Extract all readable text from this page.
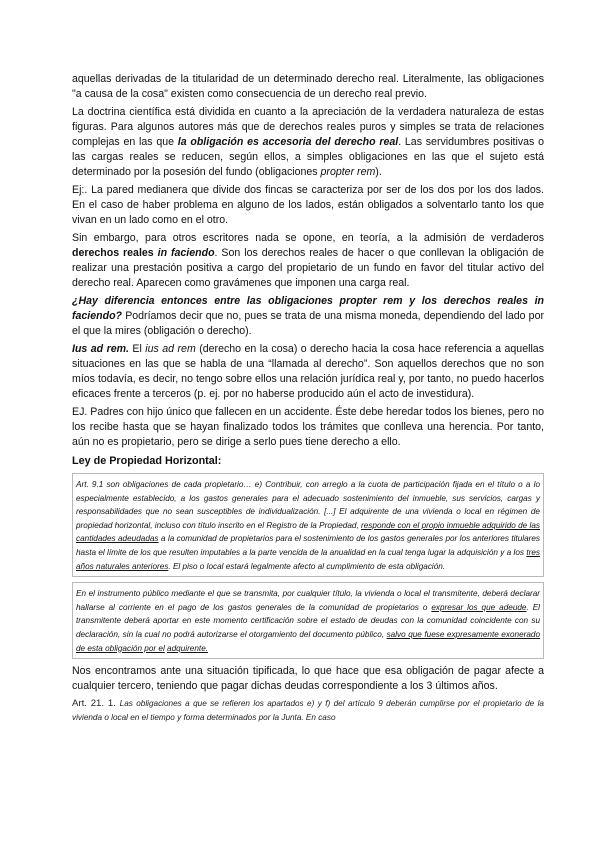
aquellas derivadas de la titularidad de un determinado derecho real. Literalmente, las obligaciones "a causa de la cosa" existen como consecuencia de un derecho real previo.

La doctrina científica está dividida en cuanto a la apreciación de la verdadera naturaleza de estas figuras. Para algunos autores más que de derechos reales puros y simples se trata de relaciones complejas en las que la obligación es accesoria del derecho real. Las servidumbres positivas o las cargas reales se reducen, según ellos, a simples obligaciones en las que el sujeto está determinado por la posesión del fundo (obligaciones propter rem).

Ej:. La pared medianera que divide dos fincas se caracteriza por ser de los dos por los dos lados. En el caso de haber problema en alguno de los lados, están obligados a solventarlo tanto los que vivan en un lado como en el otro.

Sin embargo, para otros escritores nada se opone, en teoría, a la admisión de verdaderos derechos reales in faciendo. Son los derechos reales de hacer o que conllevan la obligación de realizar una prestación positiva a cargo del propietario de un fundo en favor del titular activo del derecho real. Aparecen como gravámenes que imponen una carga real.

¿Hay diferencia entonces entre las obligaciones propter rem y los derechos reales in faciendo? Podríamos decir que no, pues se trata de una misma moneda, dependiendo del lado por el que la mires (obligación o derecho).

Ius ad rem. El ius ad rem (derecho en la cosa) o derecho hacia la cosa hace referencia a aquellas situaciones en las que se habla de una “llamada al derecho”. Son aquellos derechos que no son míos todavía, es decir, no tengo sobre ellos una relación jurídica real y, por tanto, no puedo hacerlos eficaces frente a terceros (p. ej. por no haberse producido aún el acto de investidura).

EJ. Padres con hijo único que fallecen en un accidente. Éste debe heredar todos los bienes, pero no los recibe hasta que se hayan finalizado todos los trámites que conlleva una herencia. Por tanto, aún no es propietario, pero se dirige a serlo pues tiene derecho a ello.

Ley de Propiedad Horizontal:

Art. 9.1 son obligaciones de cada propietario… e) Contribuir, con arreglo a la cuota de participación fijada en el título o a lo especialmente establecido, a los gastos generales para el adecuado sostenimiento del inmueble, sus servicios, cargas y responsabilidades que no sean susceptibles de individualización. [...] El adquirente de una vivienda o local en régimen de propiedad horizontal, incluso con título inscrito en el Registro de la Propiedad, responde con el propio inmueble adquirido de las cantidades adeudadas a la comunidad de propietarios para el sostenimiento de los gastos generales por los anteriores titulares hasta el límite de los que resulten imputables a la parte vencida de la anualidad en la cual tenga lugar la adquisición y a los tres años naturales anteriores. El piso o local estará legalmente afecto al cumplimiento de esta obligación.

En el instrumento público mediante el que se transmita, por cualquier título, la vivienda o local el transmitente, deberá declarar hallarse al corriente en el pago de los gastos generales de la comunidad de propietarios o expresar los que adeude. El transmitente deberá aportar en este momento certificación sobre el estado de deudas con la comunidad coincidente con su declaración, sin la cual no podrá autorizarse el otorgamiento del documento público, salvo que fuese expresamente exonerado de esta obligación por el adquirente.

Nos encontramos ante una situación tipificada, lo que hace que esa obligación de pagar afecte a cualquier tercero, teniendo que pagar dichas deudas correspondiente a los 3 últimos años.

Art. 21. 1. Las obligaciones a que se refieren los apartados e) y f) del artículo 9 deberán cumplirse por el propietario de la vivienda o local en el tiempo y forma determinados por la Junta. En caso
